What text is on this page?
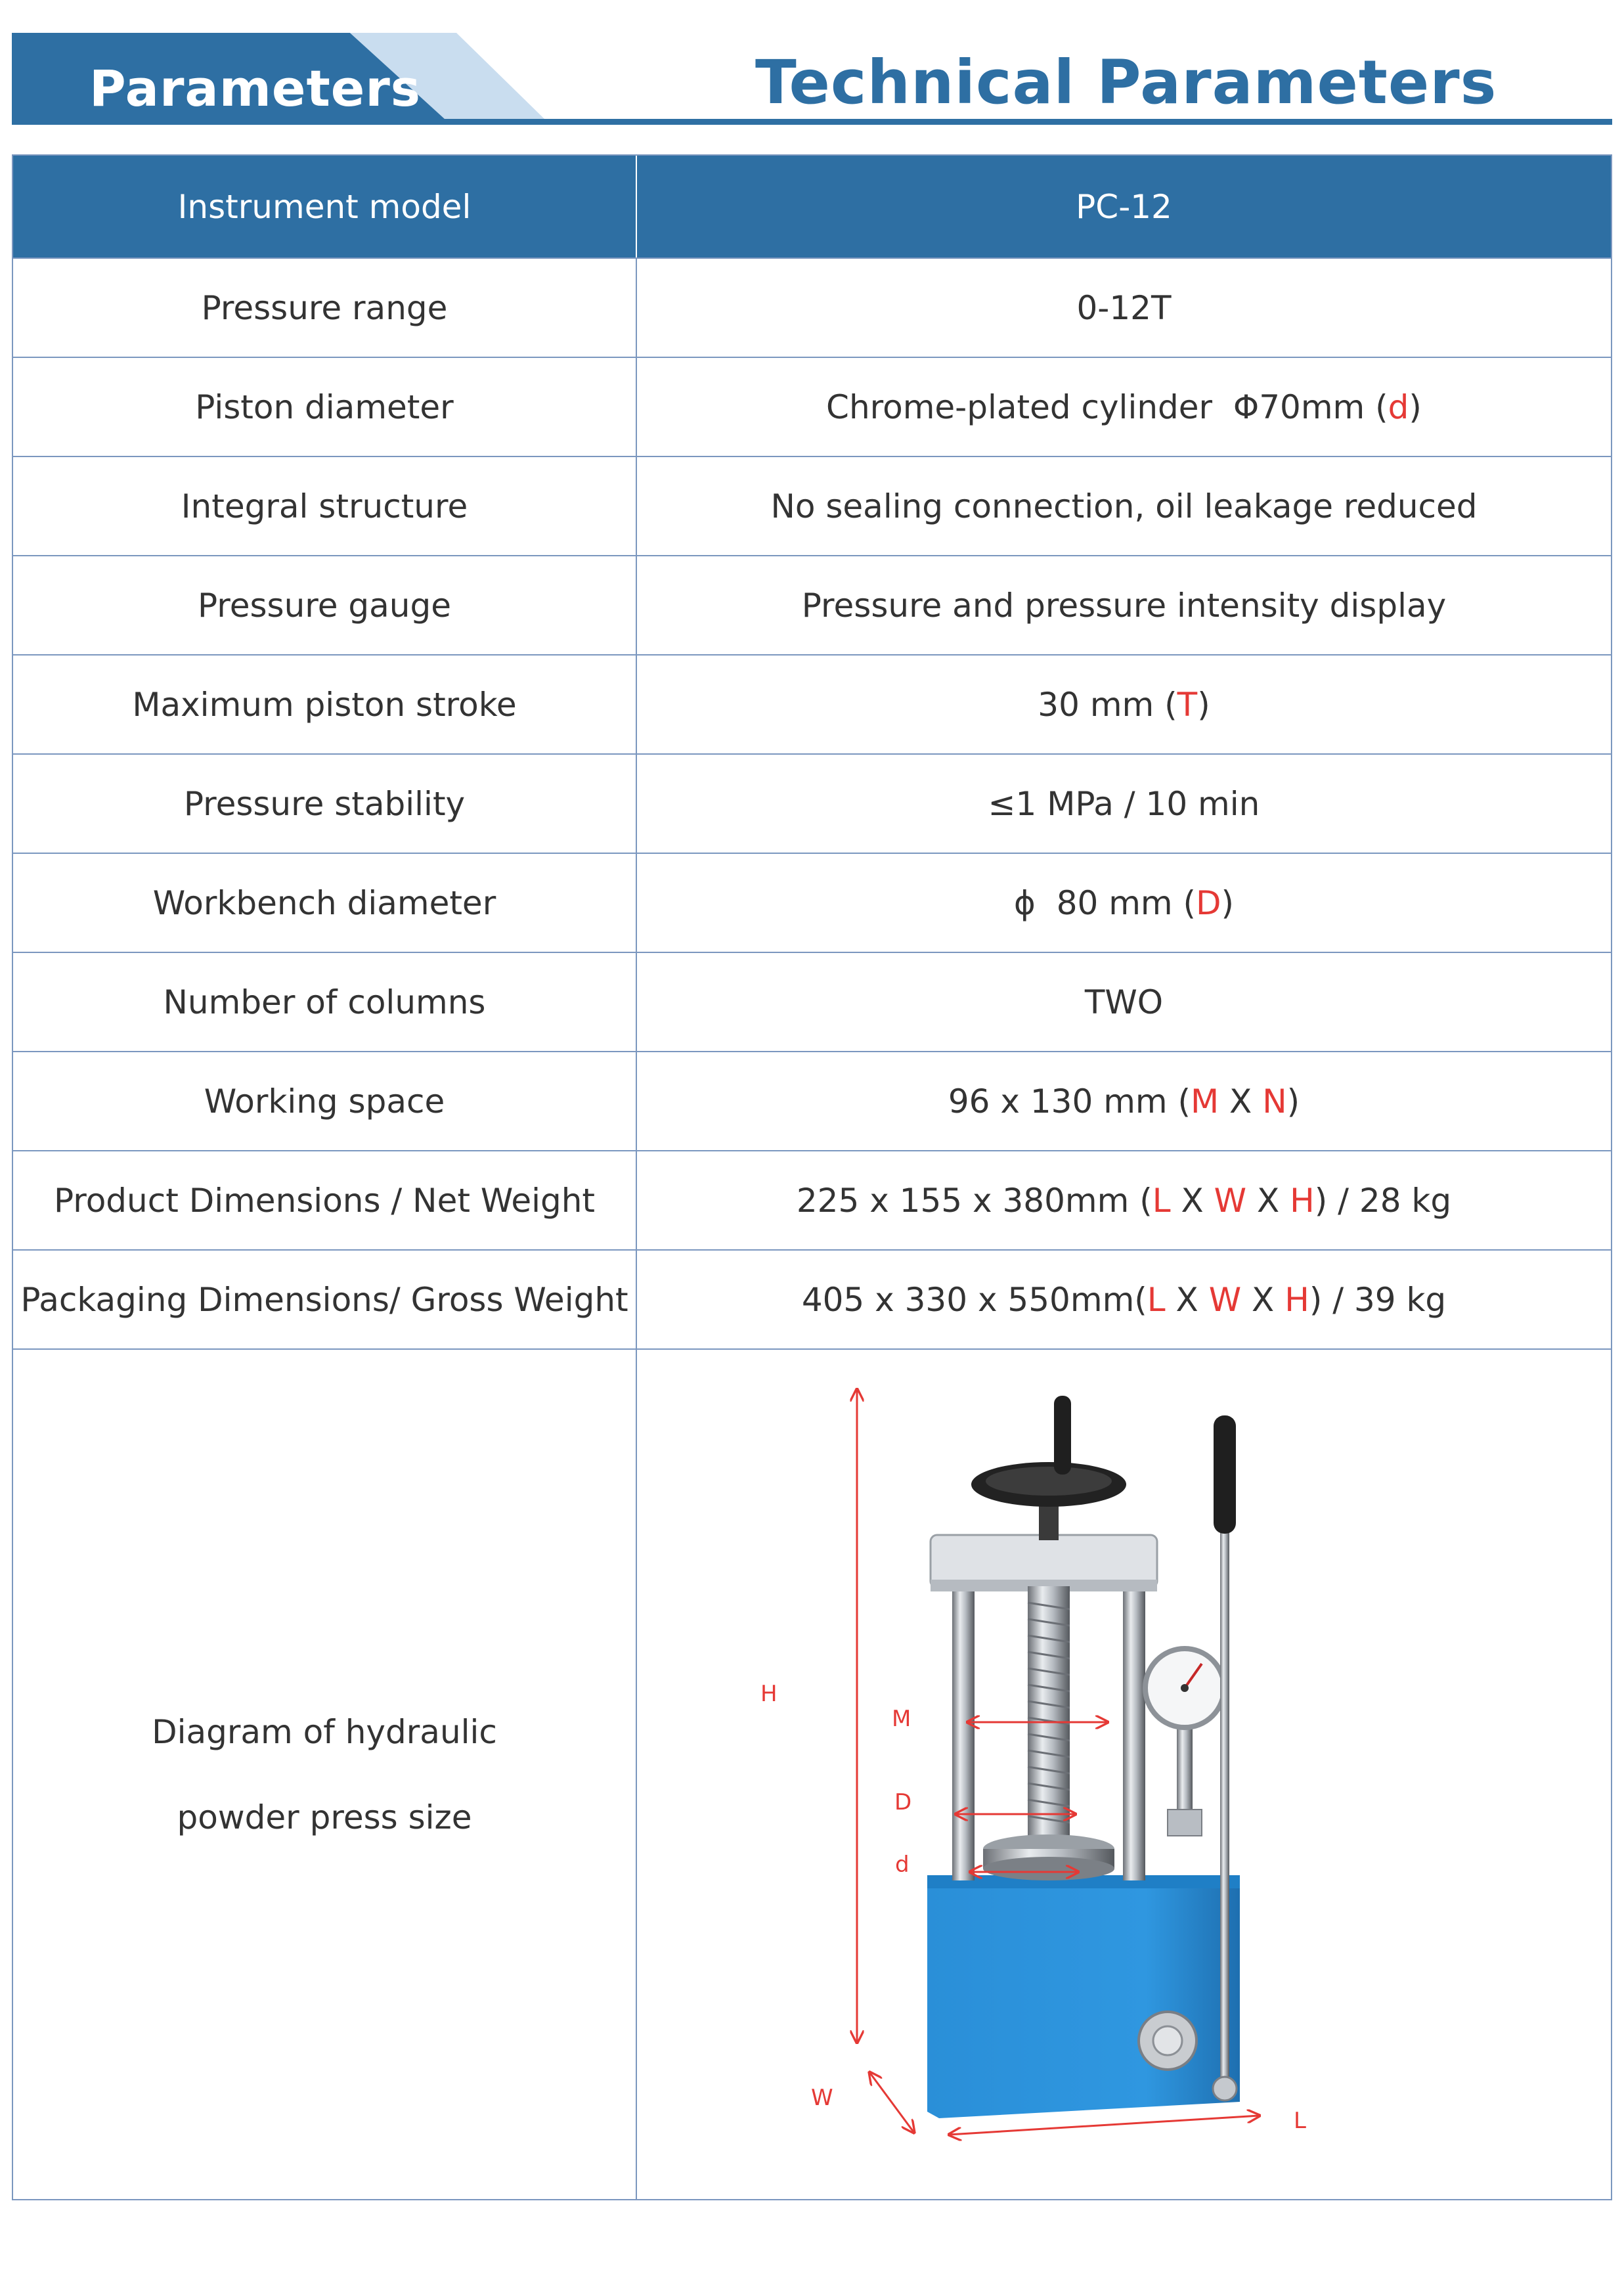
Parameters	Technical Parameters
Instrument model	PC-12
Pressure range	0-12T
Piston diameter	Chrome-plated cylinder  Φ70mm ( d )
Integral structure	No sealing connection, oil leakage reduced
Pressure gauge	Pressure and pressure intensity display
Maximum piston stroke	30 mm ( T )
Pressure stability	≤1 MPa / 10 min
Workbench diameter	ϕ  80 mm ( D )
Number of columns	TWO
Working space	96 x 130 mm ( M X N )
Product Dimensions / Net Weight	225 x 155 x 380mm ( L X W X H ) / 28 kg
Packaging Dimensions/ Gross Weight	405 x 330 x 550mm( L X W X H ) / 39 kg
Diagram of hydraulic
powder press size
H
M
D
d
W
L
